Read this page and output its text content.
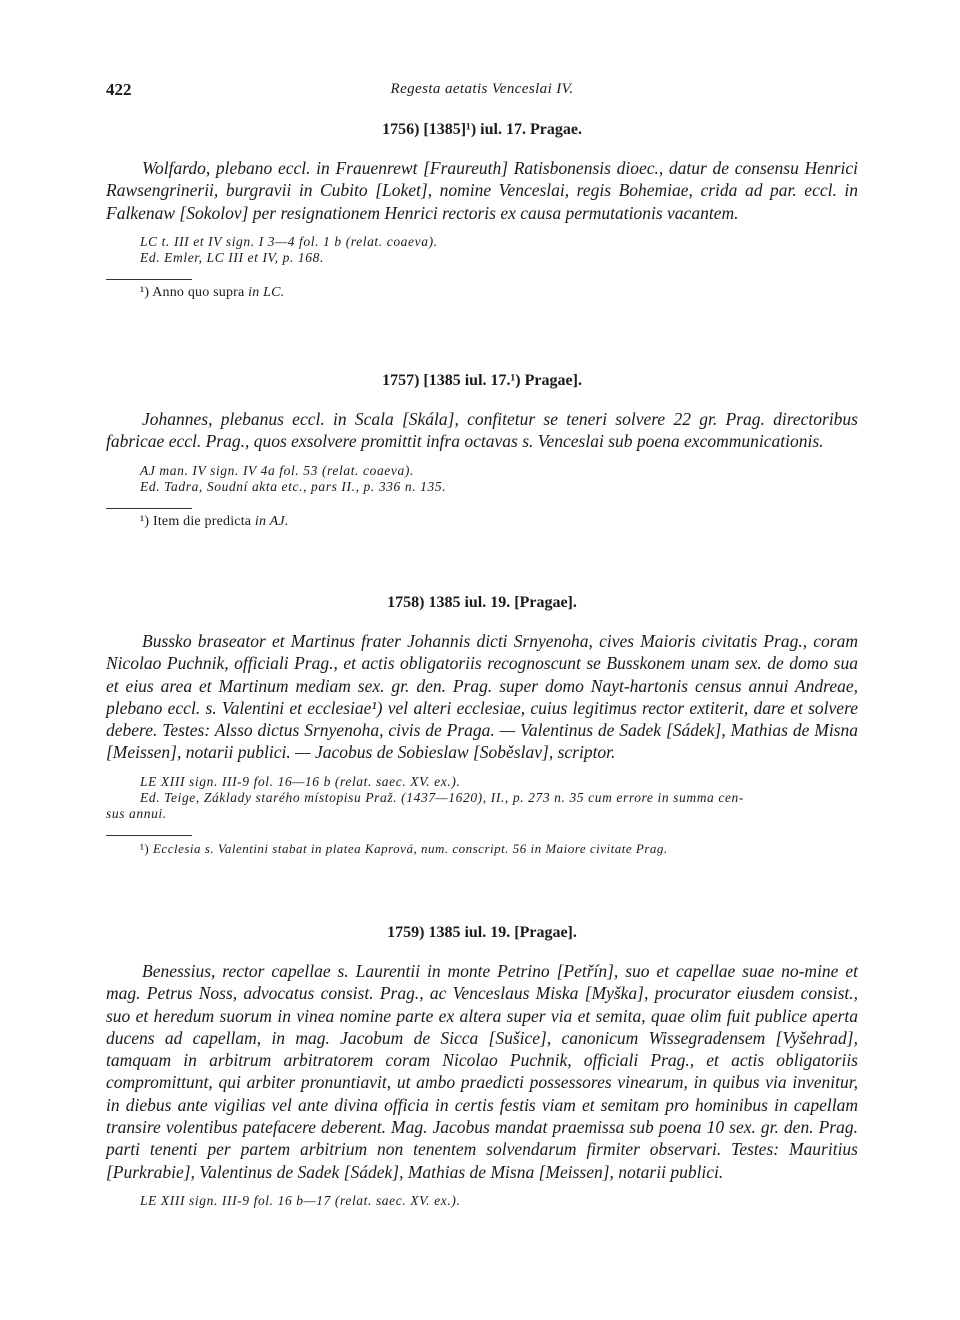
422	Regesta aetatis Venceslai IV.
1756) [1385]¹) iul. 17. Pragae.

Wolfardo, plebano eccl. in Frauenrewt [Fraureuth] Ratisbonensis dioec., datur de consensu Henrici Rawsengrinerii, burgravii in Cubito [Loket], nomine Venceslai, regis Bohemiae, crida ad par. eccl. in Falkenaw [Sokolov] per resignationem Henrici rectoris ex causa permutationis vacantem.

LC t. III et IV sign. I 3—4 fol. 1 b (relat. coaeva).
Ed. Emler, LC III et IV, p. 168.
¹) Anno quo supra in LC.
1757) [1385 iul. 17.¹) Pragae].

Johannes, plebanus eccl. in Scala [Skála], confitetur se teneri solvere 22 gr. Prag. directoribus fabricae eccl. Prag., quos exsolvere promittit infra octavas s. Venceslai sub poena excommunicationis.

AJ man. IV sign. IV 4a fol. 53 (relat. coaeva).
Ed. Tadra, Soudní akta etc., pars II., p. 336 n. 135.
¹) Item die predicta in AJ.
1758) 1385 iul. 19. [Pragae].

Bussko braseator et Martinus frater Johannis dicti Srnyenoha, cives Maioris civitatis Prag., coram Nicolao Puchnik, officiali Prag., et actis obligatoriis recognoscunt se Busskonem unam sex. de domo sua et eius area et Martinum mediam sex. gr. den. Prag. super domo Nayt-hartonis census annui Andreae, plebano eccl. s. Valentini et ecclesiae¹) vel alteri ecclesiae, cuius legitimus rector extiterit, dare et solvere debere. Testes: Alsso dictus Srnyenoha, civis de Praga. — Valentinus de Sadek [Sádek], Mathias de Misna [Meissen], notarii publici. — Jacobus de Sobieslaw [Soběslav], scriptor.

LE XIII sign. III-9 fol. 16—16 b (relat. saec. XV. ex.).
Ed. Teige, Základy starého místopisu Praž. (1437—1620), II., p. 273 n. 35 cum errore in summa cen-
sus annui.
¹) Ecclesia s. Valentini stabat in platea Kaprová, num. conscript. 56 in Maiore civitate Prag.
1759) 1385 iul. 19. [Pragae].

Benessius, rector capellae s. Laurentii in monte Petrino [Petřín], suo et capellae suae no-mine et mag. Petrus Noss, advocatus consist. Prag., ac Venceslaus Miska [Myška], procurator eiusdem consist., suo et heredum suorum in vinea nomine parte ex altera super via et semita, quae olim fuit publice aperta ducens ad capellam, in mag. Jacobum de Sicca [Sušice], canonicum Wissegradensem [Vyšehrad], tamquam in arbitrum arbitratorem coram Nicolao Puchnik, officiali Prag., et actis obligatoriis compromittunt, qui arbiter pronuntiavit, ut ambo praedicti possessores vinearum, in quibus via invenitur, in diebus ante vigilias vel ante divina officia in certis festis viam et semitam pro hominibus in capellam transire volentibus patefacere deberent. Mag. Jacobus mandat praemissa sub poena 10 sex. gr. den. Prag. parti tenenti per partem arbitrium non tenentem solvendarum firmiter observari. Testes: Mauritius [Purkrabie], Valentinus de Sadek [Sádek], Mathias de Misna [Meissen], notarii publici.

LE XIII sign. III-9 fol. 16 b—17 (relat. saec. XV. ex.).
